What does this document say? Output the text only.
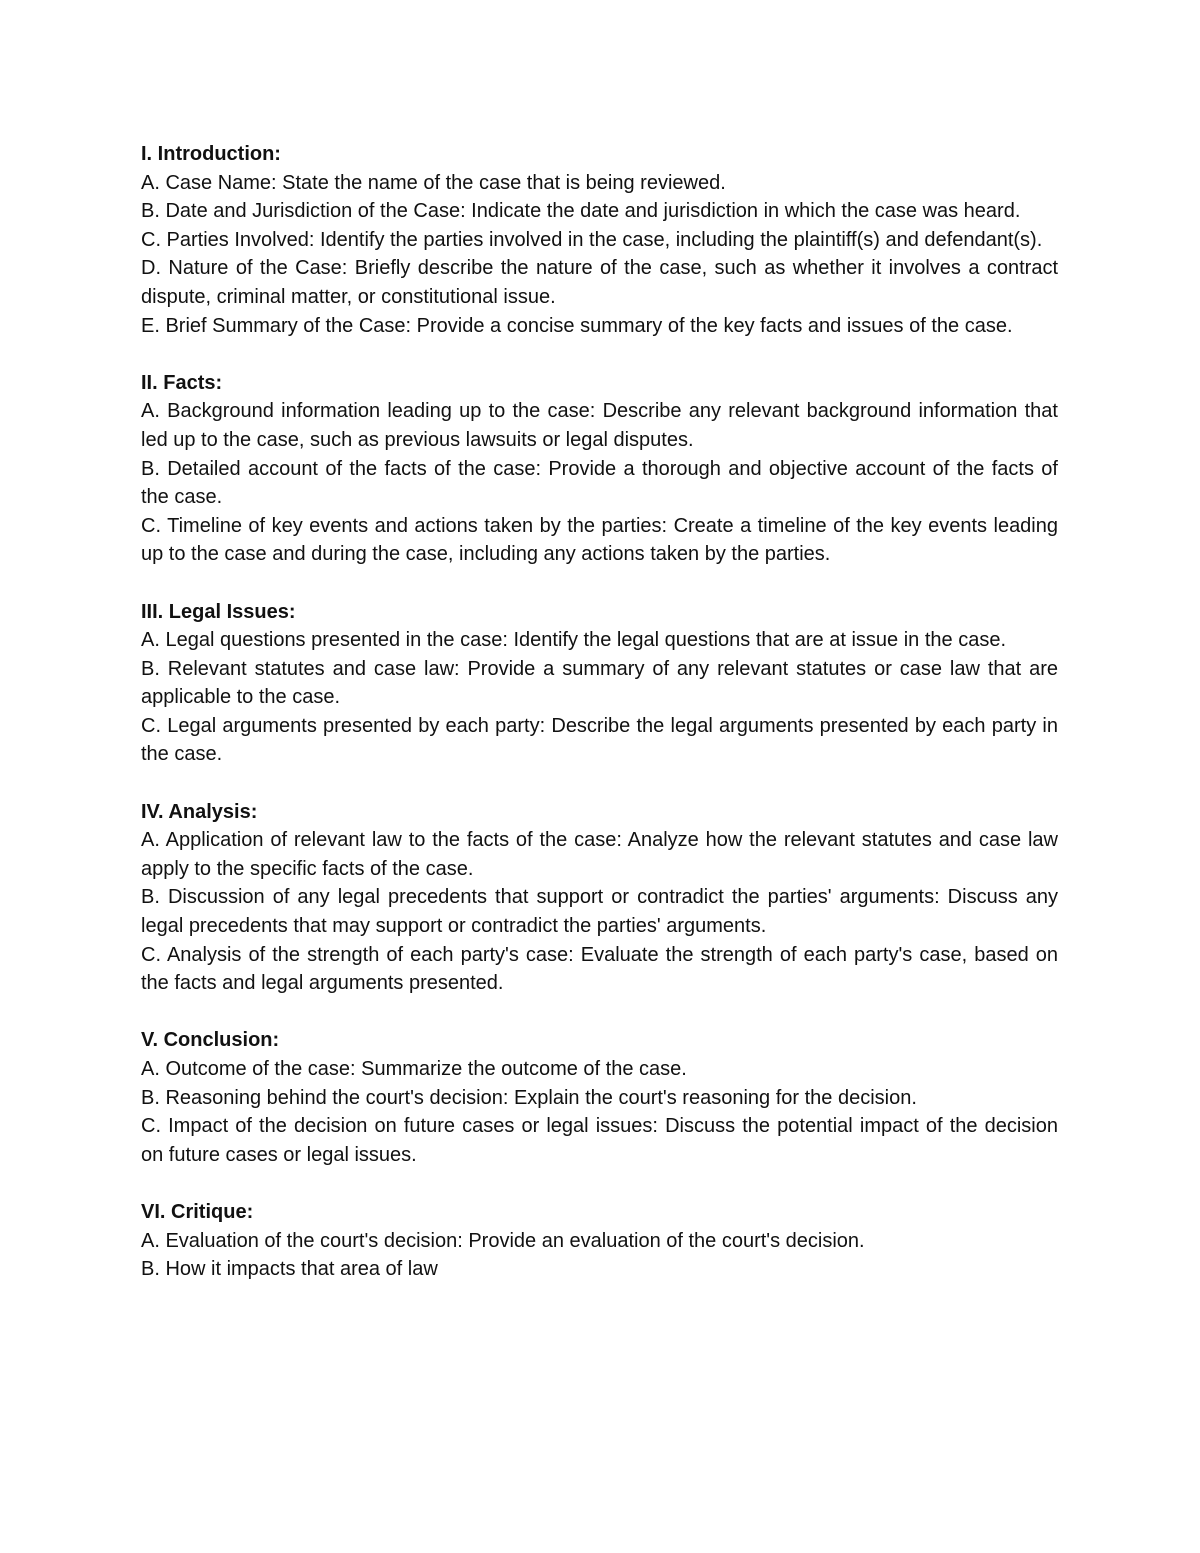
I. Introduction:

A. Case Name: State the name of the case that is being reviewed.

B. Date and Jurisdiction of the Case: Indicate the date and jurisdiction in which the case was heard.

C. Parties Involved: Identify the parties involved in the case, including the plaintiff(s) and defendant(s).

D. Nature of the Case: Briefly describe the nature of the case, such as whether it involves a contract dispute, criminal matter, or constitutional issue.

E. Brief Summary of the Case: Provide a concise summary of the key facts and issues of the case.

II. Facts:

A. Background information leading up to the case: Describe any relevant background information that led up to the case, such as previous lawsuits or legal disputes.

B. Detailed account of the facts of the case: Provide a thorough and objective account of the facts of the case.

C. Timeline of key events and actions taken by the parties: Create a timeline of the key events leading up to the case and during the case, including any actions taken by the parties.

III. Legal Issues:

A. Legal questions presented in the case: Identify the legal questions that are at issue in the case.

B. Relevant statutes and case law: Provide a summary of any relevant statutes or case law that are applicable to the case.

C. Legal arguments presented by each party: Describe the legal arguments presented by each party in the case.

IV. Analysis:

A. Application of relevant law to the facts of the case: Analyze how the relevant statutes and case law apply to the specific facts of the case.

B. Discussion of any legal precedents that support or contradict the parties' arguments: Discuss any legal precedents that may support or contradict the parties' arguments.

C. Analysis of the strength of each party's case: Evaluate the strength of each party's case, based on the facts and legal arguments presented.

V. Conclusion:

A. Outcome of the case: Summarize the outcome of the case.

B. Reasoning behind the court's decision: Explain the court's reasoning for the decision.

C. Impact of the decision on future cases or legal issues: Discuss the potential impact of the decision on future cases or legal issues.

VI. Critique:

A. Evaluation of the court's decision: Provide an evaluation of the court's decision.

B. How it impacts that area of law
